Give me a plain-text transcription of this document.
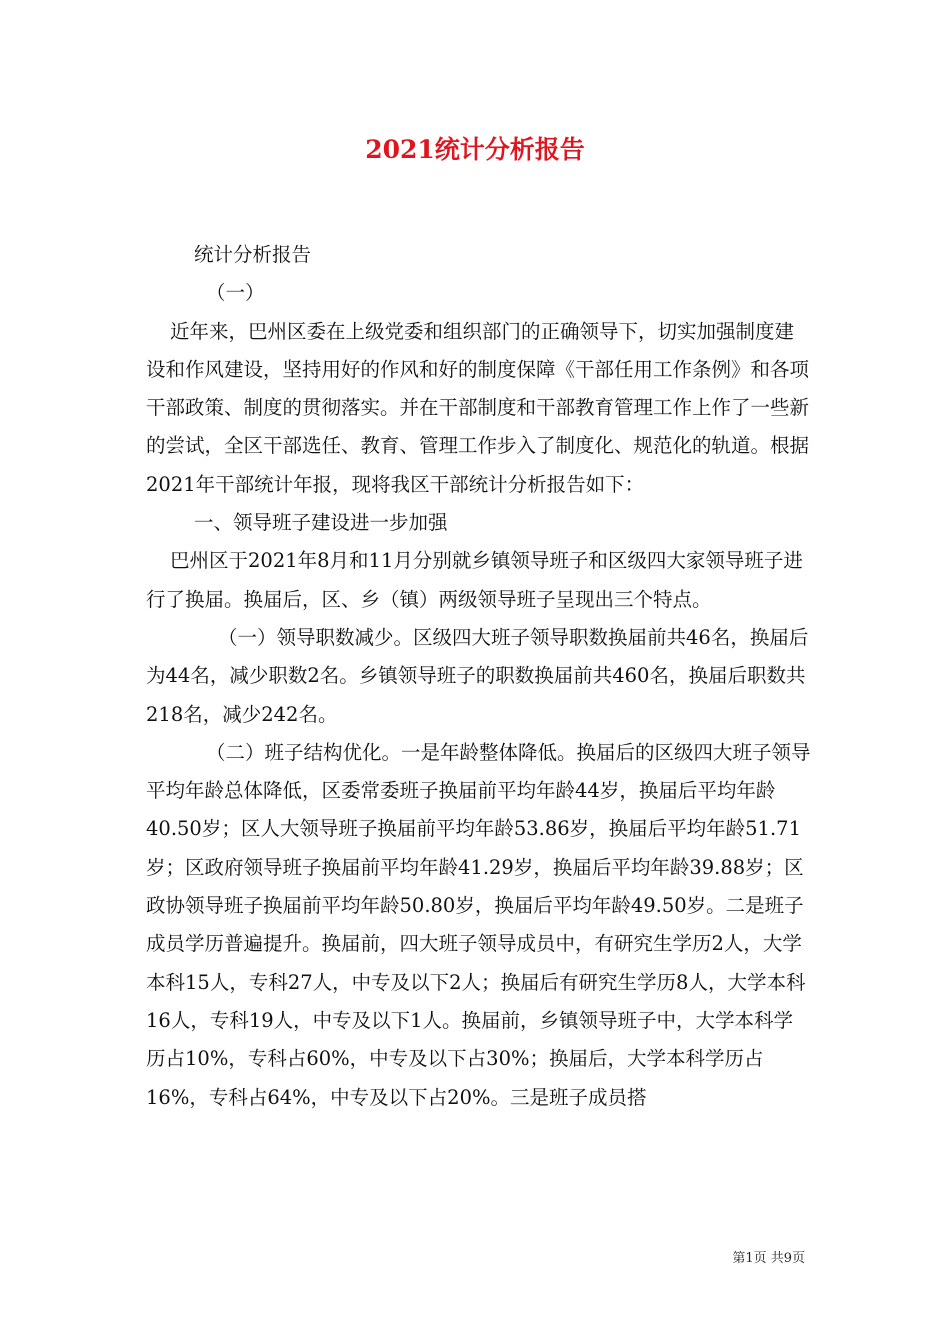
2021统计分析报告

统计分析报告

（一）

近年来，巴州区委在上级党委和组织部门的正确领导下，切实加强制度建设和作风建设，坚持用好的作风和好的制度保障《干部任用工作条例》和各项干部政策、制度的贯彻落实。并在干部制度和干部教育管理工作上作了一些新的尝试，全区干部选任、教育、管理工作步入了制度化、规范化的轨道。根据2021年干部统计年报，现将我区干部统计分析报告如下：

一、领导班子建设进一步加强

巴州区于2021年8月和11月分别就乡镇领导班子和区级四大家领导班子进行了换届。换届后，区、乡（镇）两级领导班子呈现出三个特点。

（一）领导职数减少。区级四大班子领导职数换届前共46名，换届后为44名，减少职数2名。乡镇领导班子的职数换届前共460名，换届后职数共218名，减少242名。

（二）班子结构优化。一是年龄整体降低。换届后的区级四大班子领导平均年龄总体降低，区委常委班子换届前平均年龄44岁，换届后平均年龄40.50岁；区人大领导班子换届前平均年龄53.86岁，换届后平均年龄51.71岁；区政府领导班子换届前平均年龄41.29岁，换届后平均年龄39.88岁；区政协领导班子换届前平均年龄50.80岁，换届后平均年龄49.50岁。二是班子成员学历普遍提升。换届前，四大班子领导成员中，有研究生学历2人，大学本科15人，专科27人，中专及以下2人；换届后有研究生学历8人，大学本科16人，专科19人，中专及以下1人。换届前，乡镇领导班子中，大学本科学历占10%，专科占60%，中专及以下占30%；换届后，大学本科学历占16%，专科占64%，中专及以下占20%。三是班子成员搭

第1页 共9页
